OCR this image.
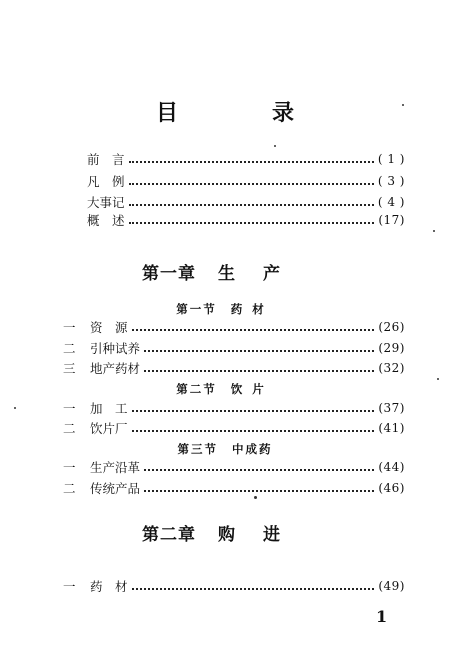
目　录
前　言	( 1 )
凡　例	( 3 )
大事记	( 4 )
概　述	(17)
第一章 生产
第一节 药材
一	资　源	(26)
二	引种试养	(29)
三	地产药材	(32)
第二节 饮片
一	加　工	(37)
二	饮片厂	(41)
第三节 中成药
一	生产沿革	(44)
二	传统产品	(46)
第二章 购进
一	药　材	(49)
1
